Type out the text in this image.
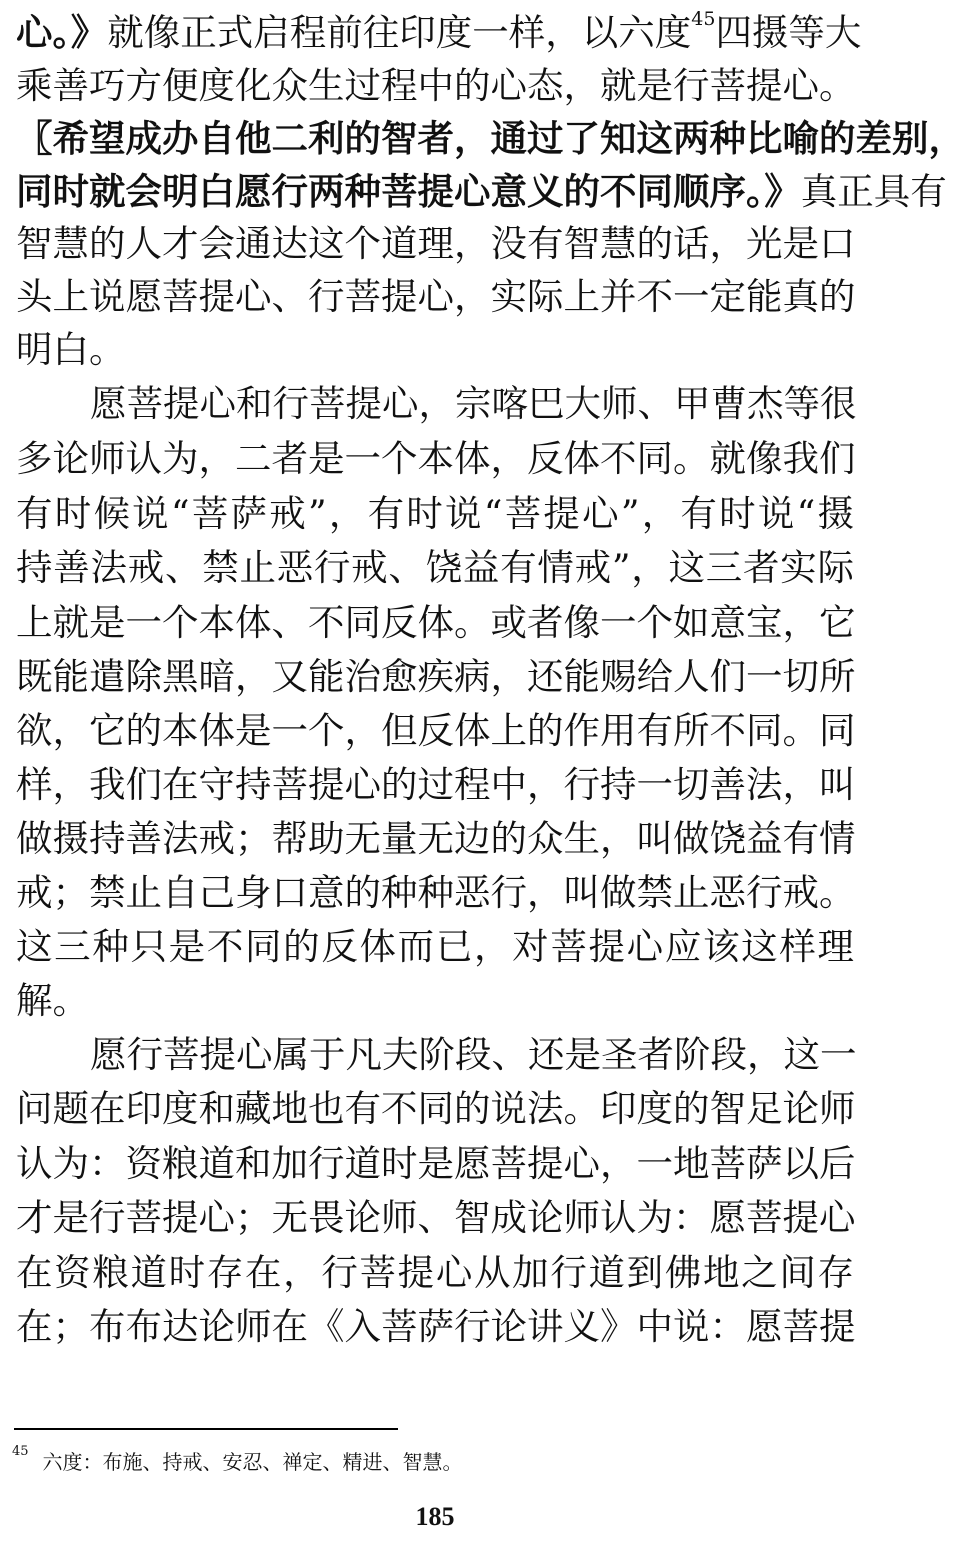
心。》就像正式启程前往印度一样，以六度$^{45}$四摄等大
乘善巧方便度化众生过程中的心态，就是行菩提心。
〖希望成办自他二利的智者，通过了知这两种比喻的差别，
同时就会明白愿行两种菩提心意义的不同顺序。》真正具有
智慧的人才会通达这个道理，没有智慧的话，光是口
头上说愿菩提心、行菩提心，实际上并不一定能真的
明白。
愿菩提心和行菩提心，宗喀巴大师、甲曹杰等很
多论师认为，二者是一个本体，反体不同。就像我们
有时候说“菩萨戒”，有时说“菩提心”，有时说“摄
持善法戒、禁止恶行戒、饶益有情戒”，这三者实际
上就是一个本体、不同反体。或者像一个如意宝，它
既能遣除黑暗，又能治愈疾病，还能赐给人们一切所
欲，它的本体是一个，但反体上的作用有所不同。同
样，我们在守持菩提心的过程中，行持一切善法，叫
做摄持善法戒；帮助无量无边的众生，叫做饶益有情
戒；禁止自己身口意的种种恶行，叫做禁止恶行戒。
这三种只是不同的反体而已，对菩提心应该这样理
解。
愿行菩提心属于凡夫阶段、还是圣者阶段，这一
问题在印度和藏地也有不同的说法。印度的智足论师
认为：资粮道和加行道时是愿菩提心，一地菩萨以后
才是行菩提心；无畏论师、智成论师认为：愿菩提心
在资粮道时存在，行菩提心从加行道到佛地之间存
在；布布达论师在《入菩萨行论讲义》中说：愿菩提
$^{45}$ 六度：布施、持戒、安忍、禅定、精进、智慧。
185
